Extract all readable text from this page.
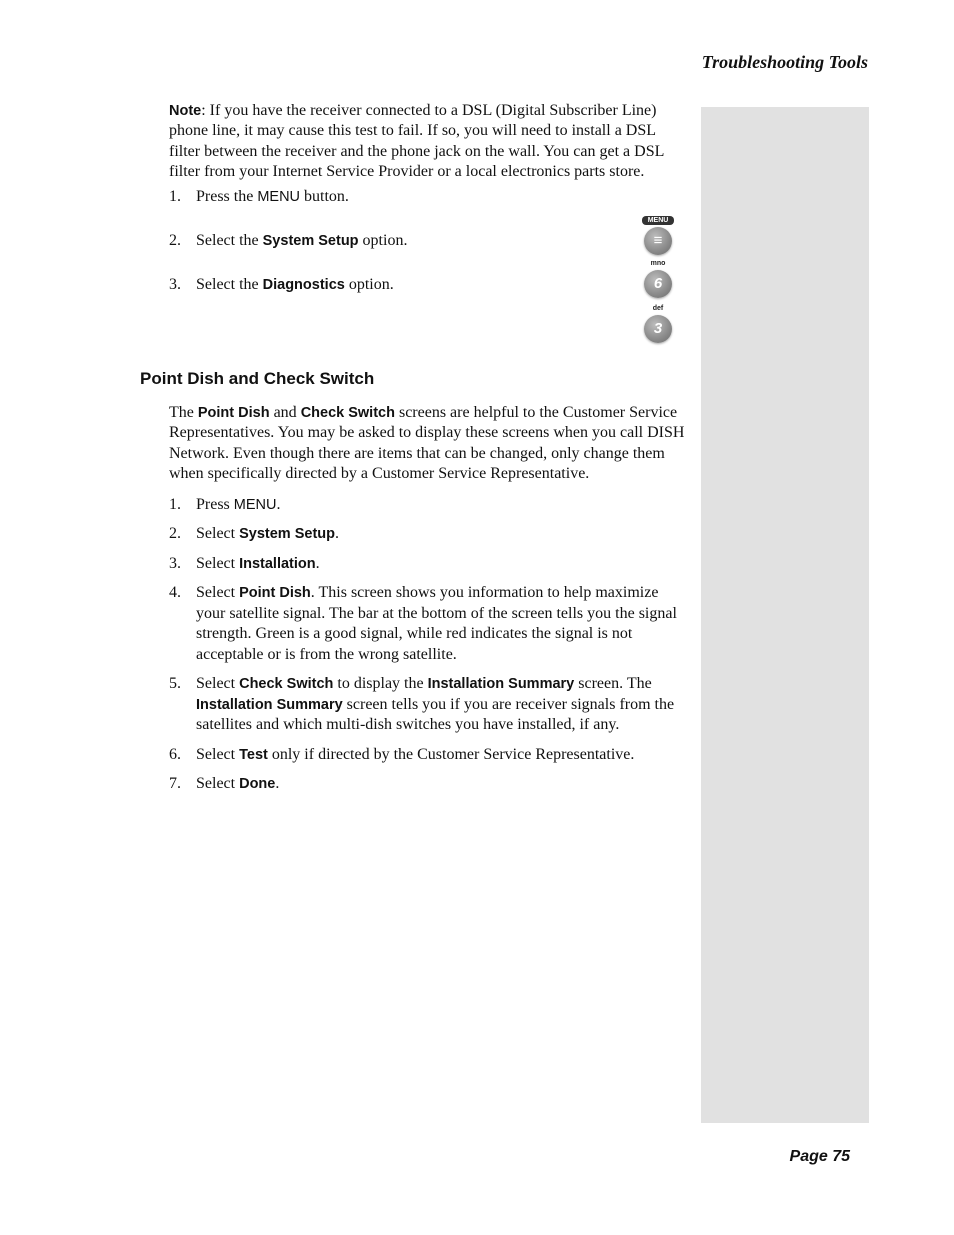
Troubleshooting Tools

Note: If you have the receiver connected to a DSL (Digital Subscriber Line) phone line, it may cause this test to fail. If so, you will need to install a DSL filter between the receiver and the phone jack on the wall. You can get a DSL filter from your Internet Service Provider or a local electronics parts store.

1. Press the MENU button.
2. Select the System Setup option.
3. Select the Diagnostics option.
MENU
≡
mno
6
def
3
Point Dish and Check Switch

The Point Dish and Check Switch screens are helpful to the Customer Service Representatives. You may be asked to display these screens when you call DISH Network. Even though there are items that can be changed, only change them when specifically directed by a Customer Service Representative.

1. Press MENU.
2. Select System Setup.
3. Select Installation.
4. Select Point Dish. This screen shows you information to help maximize your satellite signal. The bar at the bottom of the screen tells you the signal strength. Green is a good signal, while red indicates the signal is not acceptable or is from the wrong satellite.
5. Select Check Switch to display the Installation Summary screen. The Installation Summary screen tells you if you are receiver signals from the satellites and which multi-dish switches you have installed, if any.
6. Select Test only if directed by the Customer Service Representative.
7. Select Done.
Page 75
